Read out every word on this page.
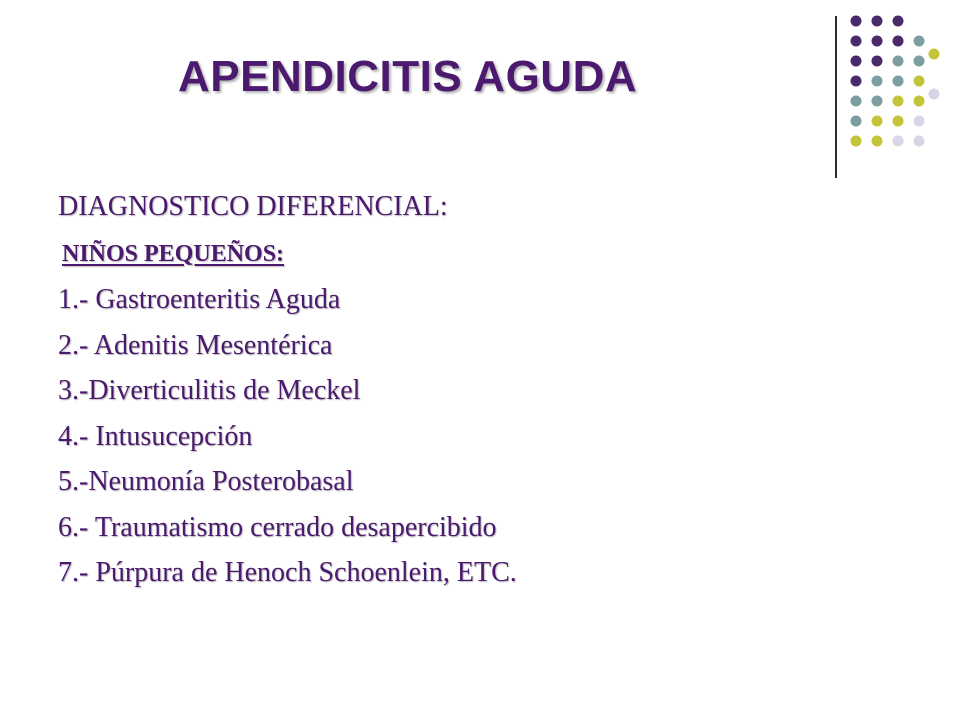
APENDICITIS AGUDA
DIAGNOSTICO DIFERENCIAL:
NIÑOS PEQUEÑOS:
1.- Gastroenteritis Aguda
2.- Adenitis Mesentérica
3.-Diverticulitis de Meckel
4.- Intusucepción
5.-Neumonía Posterobasal
6.- Traumatismo cerrado desapercibido
7.- Púrpura de Henoch Schoenlein, ETC.
